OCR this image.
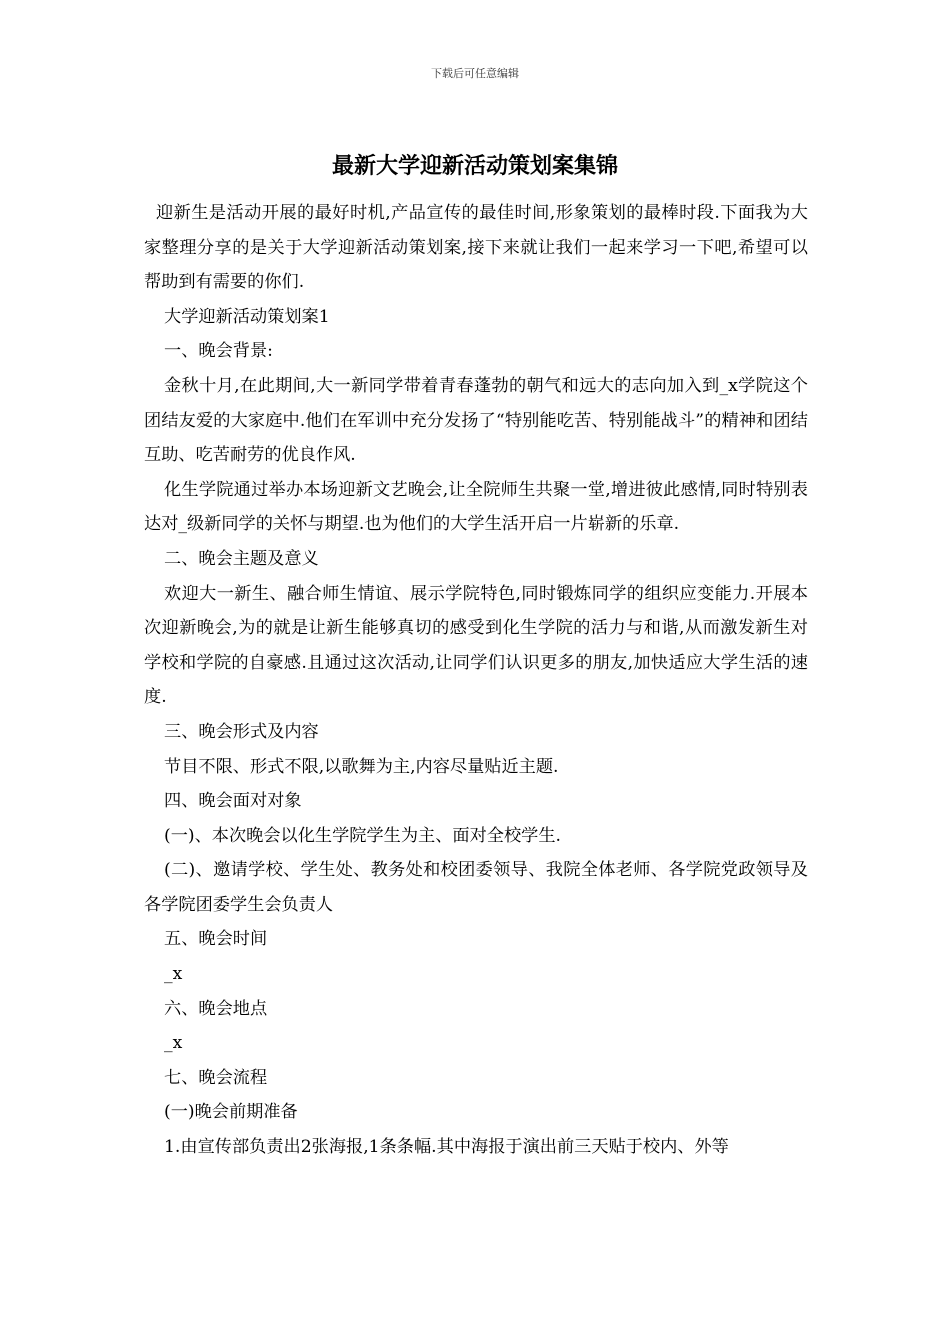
下载后可任意编辑
最新大学迎新活动策划案集锦

迎新生是活动开展的最好时机,产品宣传的最佳时间,形象策划的最棒时段.下面我为大家整理分享的是关于大学迎新活动策划案,接下来就让我们一起来学习一下吧,希望可以帮助到有需要的你们.

大学迎新活动策划案1

一、晚会背景:

金秋十月,在此期间,大一新同学带着青春蓬勃的朝气和远大的志向加入到_x学院这个团结友爱的大家庭中.他们在军训中充分发扬了“特别能吃苦、特别能战斗”的精神和团结互助、吃苦耐劳的优良作风.

化生学院通过举办本场迎新文艺晚会,让全院师生共聚一堂,增进彼此感情,同时特别表达对_级新同学的关怀与期望.也为他们的大学生活开启一片崭新的乐章.

二、晚会主题及意义

欢迎大一新生、融合师生情谊、展示学院特色,同时锻炼同学的组织应变能力.开展本次迎新晚会,为的就是让新生能够真切的感受到化生学院的活力与和谐,从而激发新生对学校和学院的自豪感.且通过这次活动,让同学们认识更多的朋友,加快适应大学生活的速度.

三、晚会形式及内容

节目不限、形式不限,以歌舞为主,内容尽量贴近主题.

四、晚会面对对象

(一)、本次晚会以化生学院学生为主、面对全校学生.

(二)、邀请学校、学生处、教务处和校团委领导、我院全体老师、各学院党政领导及各学院团委学生会负责人

五、晚会时间

_x

六、晚会地点

_x

七、晚会流程

(一)晚会前期准备

1.由宣传部负责出2张海报,1条条幅.其中海报于演出前三天贴于校内、外等
